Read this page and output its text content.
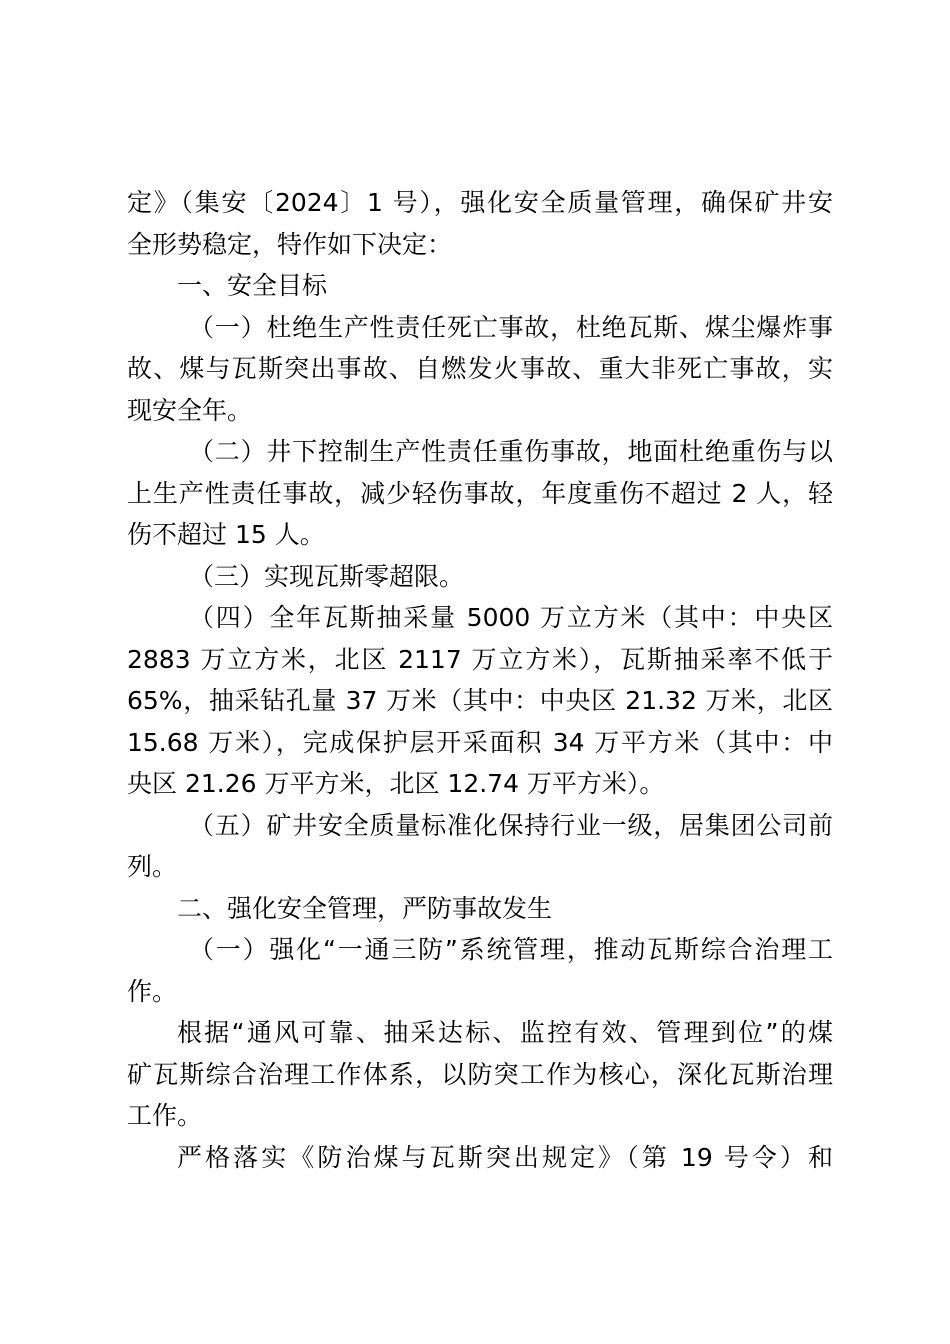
定》（集安〔2024〕1 号），强化安全质量管理，确保矿井安
全形势稳定，特作如下决定：
一、安全目标
（一）杜绝生产性责任死亡事故，杜绝瓦斯、煤尘爆炸事
故、煤与瓦斯突出事故、自燃发火事故、重大非死亡事故，实
现安全年。
（二）井下控制生产性责任重伤事故，地面杜绝重伤与以
上生产性责任事故，减少轻伤事故，年度重伤不超过 2 人，轻
伤不超过 15 人。
（三）实现瓦斯零超限。
（四）全年瓦斯抽采量 5000 万立方米（其中：中央区
2883 万立方米，北区 2117 万立方米），瓦斯抽采率不低于
65%，抽采钻孔量 37 万米（其中：中央区 21.32 万米，北区
15.68 万米），完成保护层开采面积 34 万平方米（其中：中
央区 21.26 万平方米，北区 12.74 万平方米）。
（五）矿井安全质量标准化保持行业一级，居集团公司前
列。
二、强化安全管理，严防事故发生
（一）强化“一通三防”系统管理，推动瓦斯综合治理工
作。
根据“通风可靠、抽采达标、监控有效、管理到位”的煤
矿瓦斯综合治理工作体系，以防突工作为核心，深化瓦斯治理
工作。
严格落实《防治煤与瓦斯突出规定》（第 19 号令）和
